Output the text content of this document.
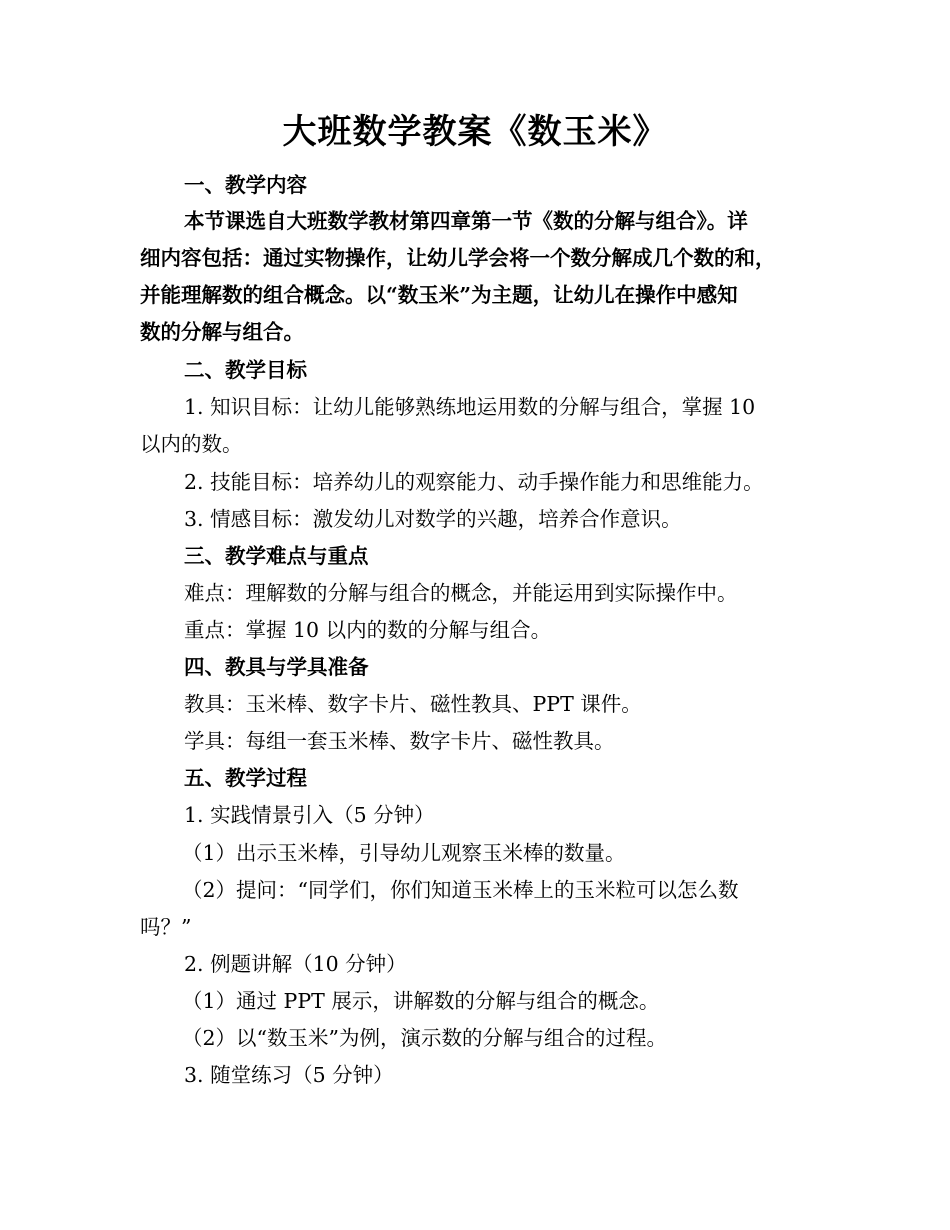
大班数学教案《数玉米》
一、教学内容
本节课选自大班数学教材第四章第一节《数的分解与组合》。详
细内容包括：通过实物操作，让幼儿学会将一个数分解成几个数的和，
并能理解数的组合概念。以“数玉米”为主题，让幼儿在操作中感知
数的分解与组合。
二、教学目标
1. 知识目标：让幼儿能够熟练地运用数的分解与组合，掌握 10
以内的数。
2. 技能目标：培养幼儿的观察能力、动手操作能力和思维能力。
3. 情感目标：激发幼儿对数学的兴趣，培养合作意识。
三、教学难点与重点
难点：理解数的分解与组合的概念，并能运用到实际操作中。
重点：掌握 10 以内的数的分解与组合。
四、教具与学具准备
教具：玉米棒、数字卡片、磁性教具、PPT 课件。
学具：每组一套玉米棒、数字卡片、磁性教具。
五、教学过程
1. 实践情景引入（5 分钟）
（1）出示玉米棒，引导幼儿观察玉米棒的数量。
（2）提问：“同学们，你们知道玉米棒上的玉米粒可以怎么数
吗？”
2. 例题讲解（10 分钟）
（1）通过 PPT 展示，讲解数的分解与组合的概念。
（2）以“数玉米”为例，演示数的分解与组合的过程。
3. 随堂练习（5 分钟）
